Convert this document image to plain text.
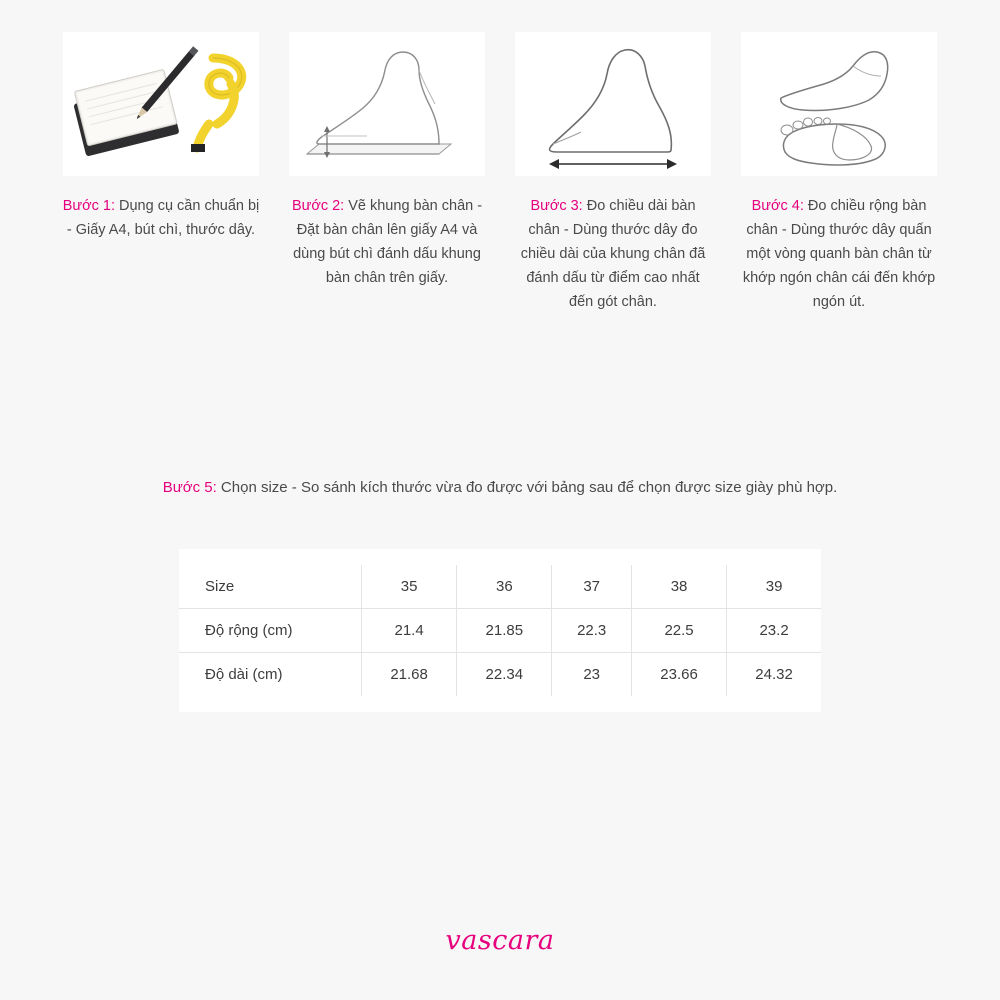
Bước 1: Dụng cụ cần chuẩn bị - Giấy A4, bút chì, thước dây.
Bước 2: Vẽ khung bàn chân - Đặt bàn chân lên giấy A4 và dùng bút chì đánh dấu khung bàn chân trên giấy.
Bước 3: Đo chiều dài bàn chân - Dùng thước dây đo chiều dài của khung chân đã đánh dấu từ điểm cao nhất đến gót chân.
Bước 4: Đo chiều rộng bàn chân - Dùng thước dây quấn một vòng quanh bàn chân từ khớp ngón chân cái đến khớp ngón út.
Bước 5: Chọn size - So sánh kích thước vừa đo được với bảng sau để chọn được size giày phù hợp.
Size	35	36	37	38	39
Độ rộng (cm)	21.4	21.85	22.3	22.5	23.2
Độ dài (cm)	21.68	22.34	23	23.66	24.32
vascara
